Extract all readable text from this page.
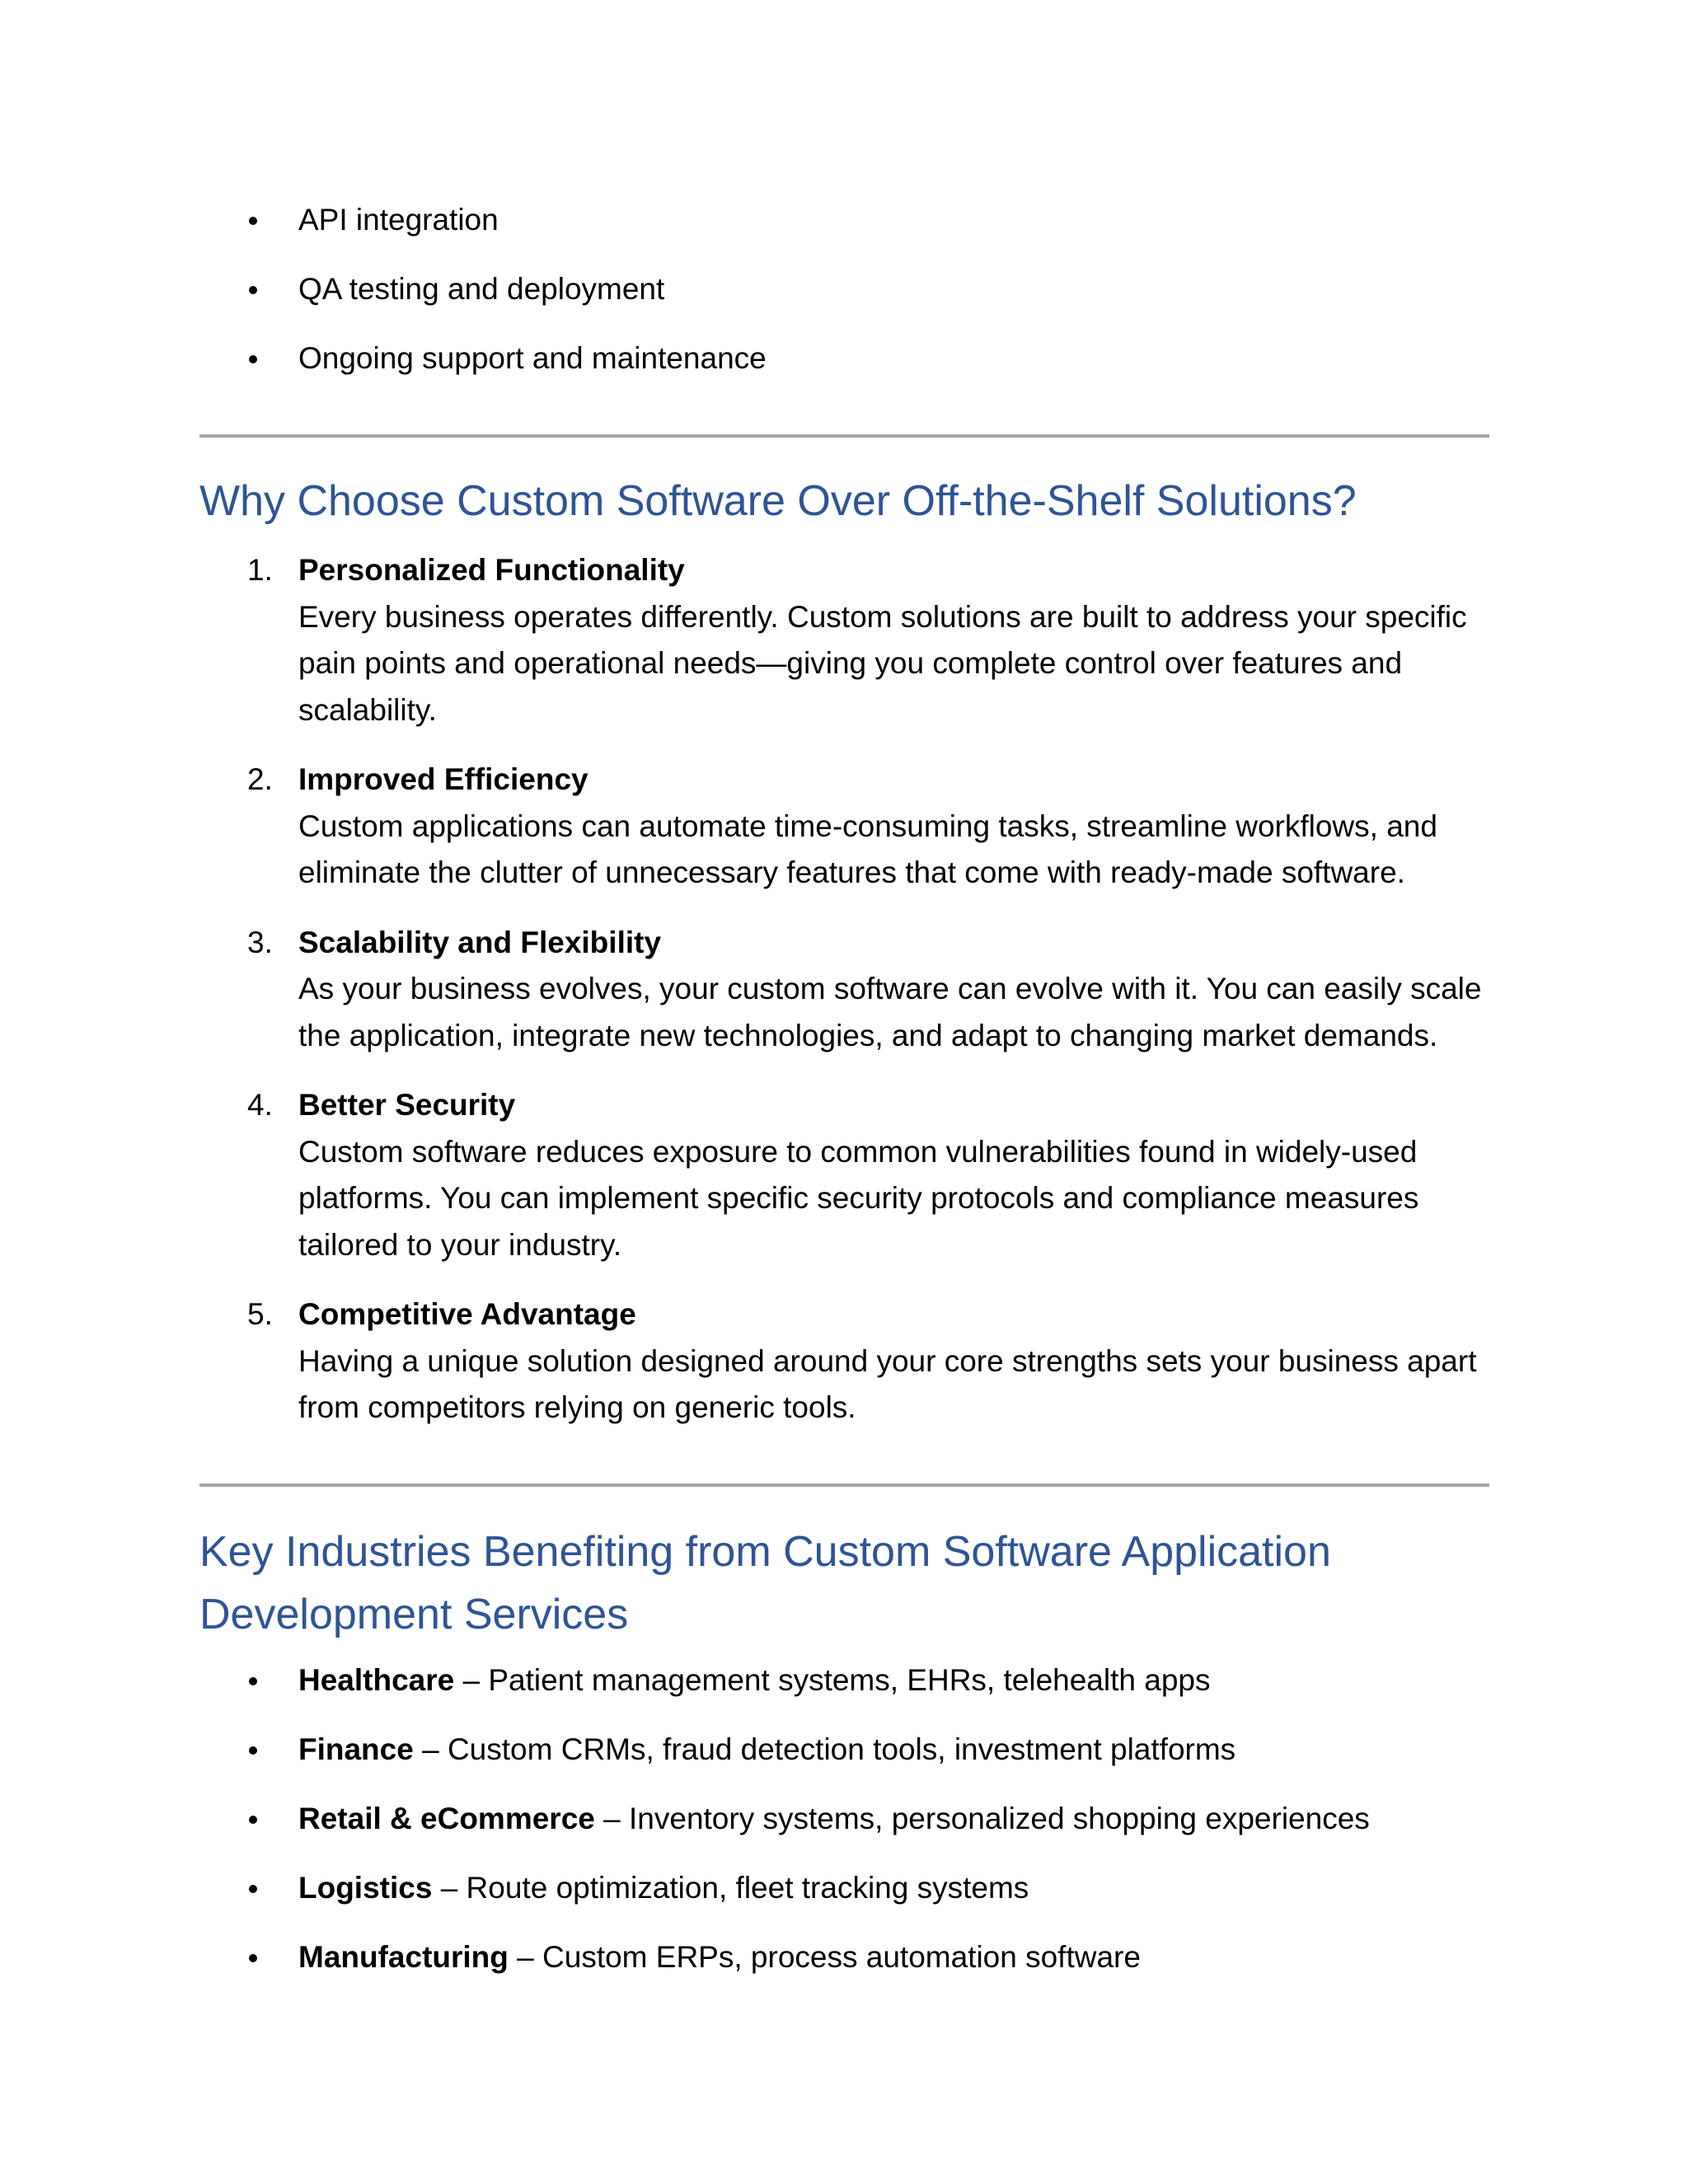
API integration
QA testing and deployment
Ongoing support and maintenance
Why Choose Custom Software Over Off-the-Shelf Solutions?
1. Personalized Functionality
Every business operates differently. Custom solutions are built to address your specific pain points and operational needs—giving you complete control over features and scalability.
2. Improved Efficiency
Custom applications can automate time-consuming tasks, streamline workflows, and eliminate the clutter of unnecessary features that come with ready-made software.
3. Scalability and Flexibility
As your business evolves, your custom software can evolve with it. You can easily scale the application, integrate new technologies, and adapt to changing market demands.
4. Better Security
Custom software reduces exposure to common vulnerabilities found in widely-used platforms. You can implement specific security protocols and compliance measures tailored to your industry.
5. Competitive Advantage
Having a unique solution designed around your core strengths sets your business apart from competitors relying on generic tools.
Key Industries Benefiting from Custom Software Application Development Services
Healthcare – Patient management systems, EHRs, telehealth apps
Finance – Custom CRMs, fraud detection tools, investment platforms
Retail & eCommerce – Inventory systems, personalized shopping experiences
Logistics – Route optimization, fleet tracking systems
Manufacturing – Custom ERPs, process automation software
